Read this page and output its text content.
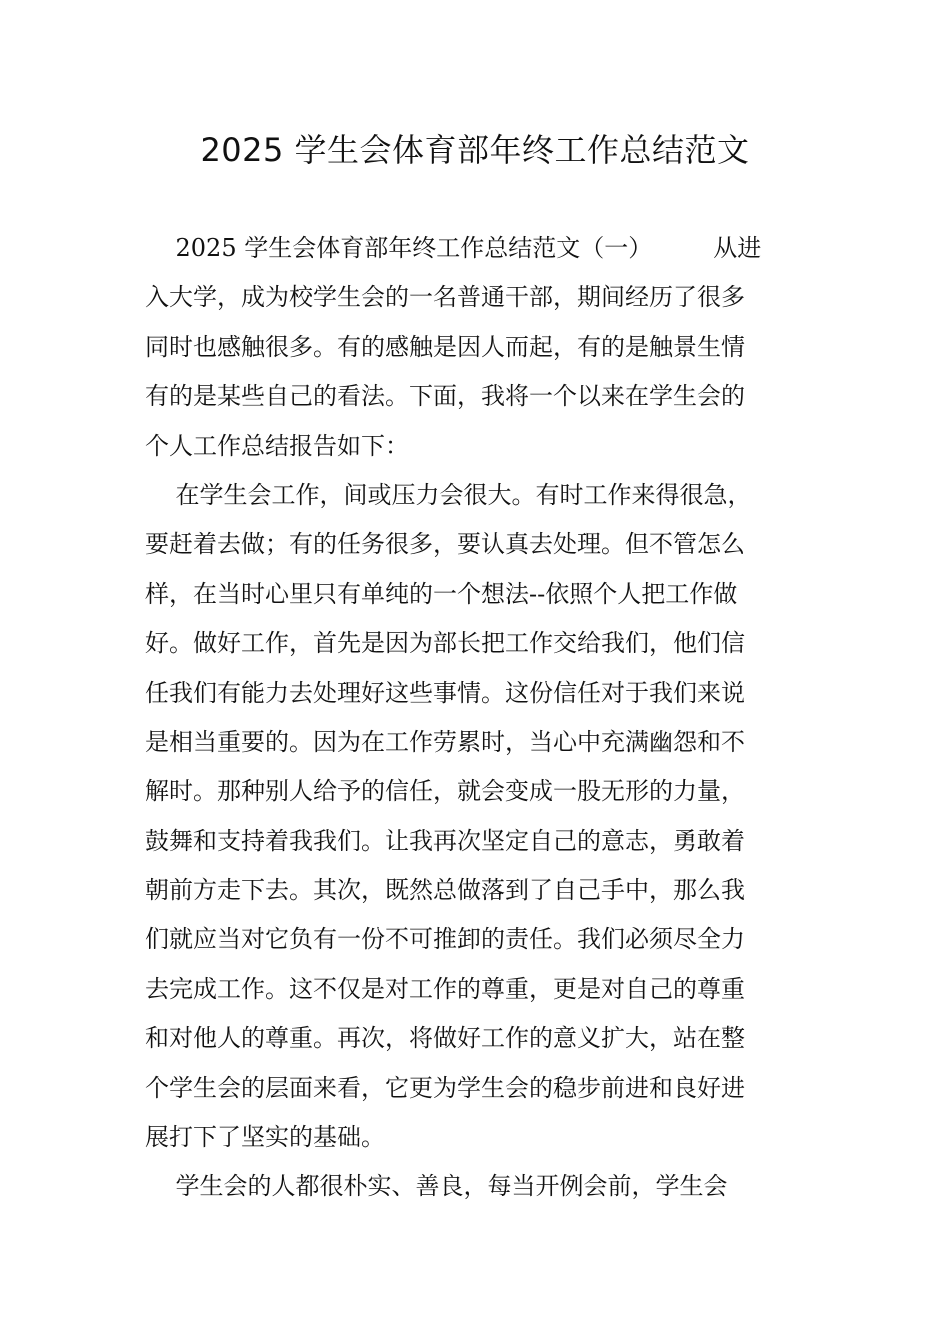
2025 学生会体育部年终工作总结范文
2025 学生会体育部年终工作总结范文（一）        从进
入大学，成为校学生会的一名普通干部，期间经历了很多
同时也感触很多。有的感触是因人而起，有的是触景生情
有的是某些自己的看法。下面，我将一个以来在学生会的
个人工作总结报告如下：
在学生会工作，间或压力会很大。有时工作来得很急，
要赶着去做；有的任务很多，要认真去处理。但不管怎么
样，在当时心里只有单纯的一个想法--依照个人把工作做
好。做好工作，首先是因为部长把工作交给我们，他们信
任我们有能力去处理好这些事情。这份信任对于我们来说
是相当重要的。因为在工作劳累时，当心中充满幽怨和不
解时。那种别人给予的信任，就会变成一股无形的力量，
鼓舞和支持着我我们。让我再次坚定自己的意志，勇敢着
朝前方走下去。其次，既然总做落到了自己手中，那么我
们就应当对它负有一份不可推卸的责任。我们必须尽全力
去完成工作。这不仅是对工作的尊重，更是对自己的尊重
和对他人的尊重。再次，将做好工作的意义扩大，站在整
个学生会的层面来看，它更为学生会的稳步前进和良好进
展打下了坚实的基础。
学生会的人都很朴实、善良，每当开例会前，学生会
